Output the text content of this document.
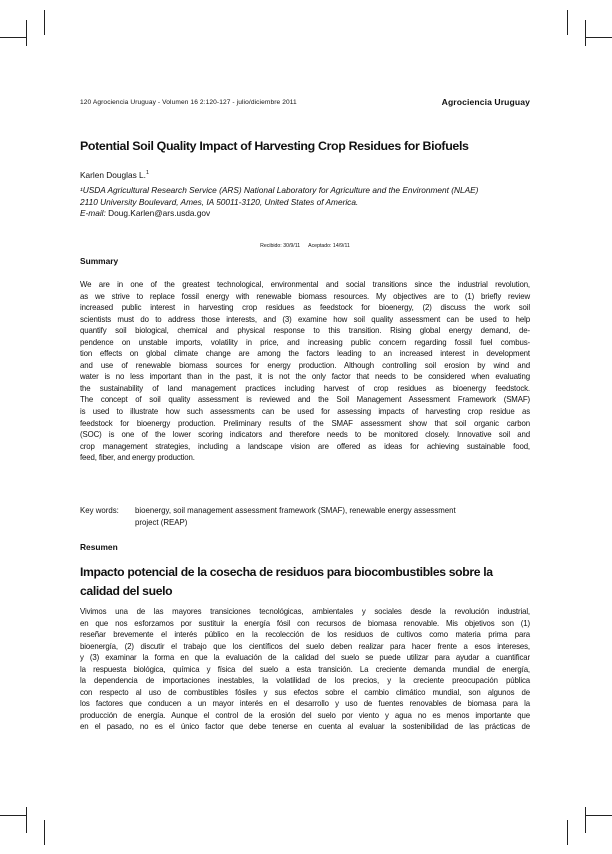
120 Agrociencia Uruguay - Volumen 16 2:120-127 - julio/diciembre 2011	Agrociencia Uruguay
Potential Soil Quality Impact of Harvesting Crop Residues for Biofuels
Karlen Douglas L.$^1$
¹USDA Agricultural Research Service (ARS) National Laboratory for Agriculture and the Environment (NLAE)
2110 University Boulevard, Ames, IA 50011-3120, United States of America.
E-mail: Doug.Karlen@ars.usda.gov
Recibido: 30/9/11 Aceptado: 14/9/11
Summary
We are in one of the greatest technological, environmental and social transitions since the industrial revolution,
as we strive to replace fossil energy with renewable biomass resources. My objectives are to (1) briefly review
increased public interest in harvesting crop residues as feedstock for bioenergy, (2) discuss the work soil
scientists must do to address those interests, and (3) examine how soil quality assessment can be used to help
quantify soil biological, chemical and physical response to this transition. Rising global energy demand, de-
pendence on unstable imports, volatility in price, and increasing public concern regarding fossil fuel combus-
tion effects on global climate change are among the factors leading to an increased interest in development
and use of renewable biomass sources for energy production. Although controlling soil erosion by wind and
water is no less important than in the past, it is not the only factor that needs to be considered when evaluating
the sustainability of land management practices including harvest of crop residues as bioenergy feedstock.
The concept of soil quality assessment is reviewed and the Soil Management Assessment Framework (SMAF)
is used to illustrate how such assessments can be used for assessing impacts of harvesting crop residue as
feedstock for bioenergy production. Preliminary results of the SMAF assessment show that soil organic carbon
(SOC) is one of the lower scoring indicators and therefore needs to be monitored closely. Innovative soil and
crop management strategies, including a landscape vision are offered as ideas for achieving sustainable food,
feed, fiber, and energy production.
Key words: bioenergy, soil management assessment framework (SMAF), renewable energy assessment
project (REAP)
Resumen
Impacto potencial de la cosecha de residuos para biocombustibles sobre la
calidad del suelo
Vivimos una de las mayores transiciones tecnológicas, ambientales y sociales desde la revolución industrial,
en que nos esforzamos por sustituir la energía fósil con recursos de biomasa renovable. Mis objetivos son (1)
reseñar brevemente el interés público en la recolección de los residuos de cultivos como materia prima para
bioenergía, (2) discutir el trabajo que los científicos del suelo deben realizar para hacer frente a esos intereses,
y (3) examinar la forma en que la evaluación de la calidad del suelo se puede utilizar para ayudar a cuantificar
la respuesta biológica, química y física del suelo a esta transición. La creciente demanda mundial de energía,
la dependencia de importaciones inestables, la volatilidad de los precios, y la creciente preocupación pública
con respecto al uso de combustibles fósiles y sus efectos sobre el cambio climático mundial, son algunos de
los factores que conducen a un mayor interés en el desarrollo y uso de fuentes renovables de biomasa para la
producción de energía. Aunque el control de la erosión del suelo por viento y agua no es menos importante que
en el pasado, no es el único factor que debe tenerse en cuenta al evaluar la sostenibilidad de las prácticas de
